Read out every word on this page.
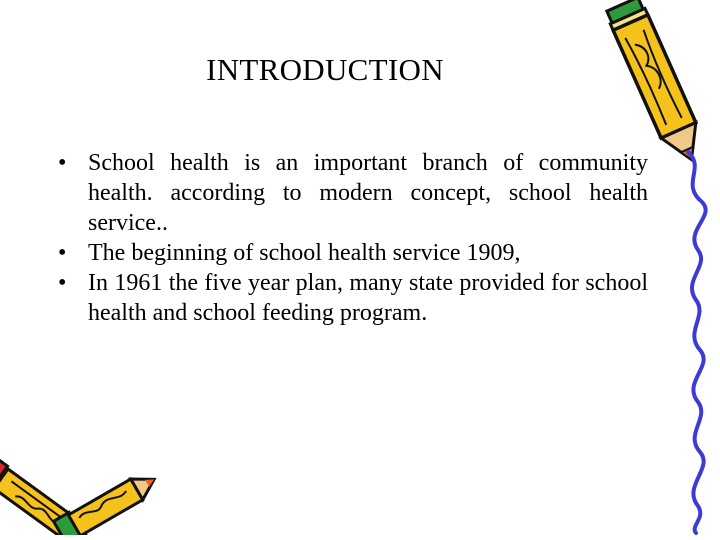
INTRODUCTION
• School health is an important branch of community health. according to modern concept, school health service..
• The beginning of school health service 1909,
• In 1961 the five year plan, many state provided for school health and school feeding program.
